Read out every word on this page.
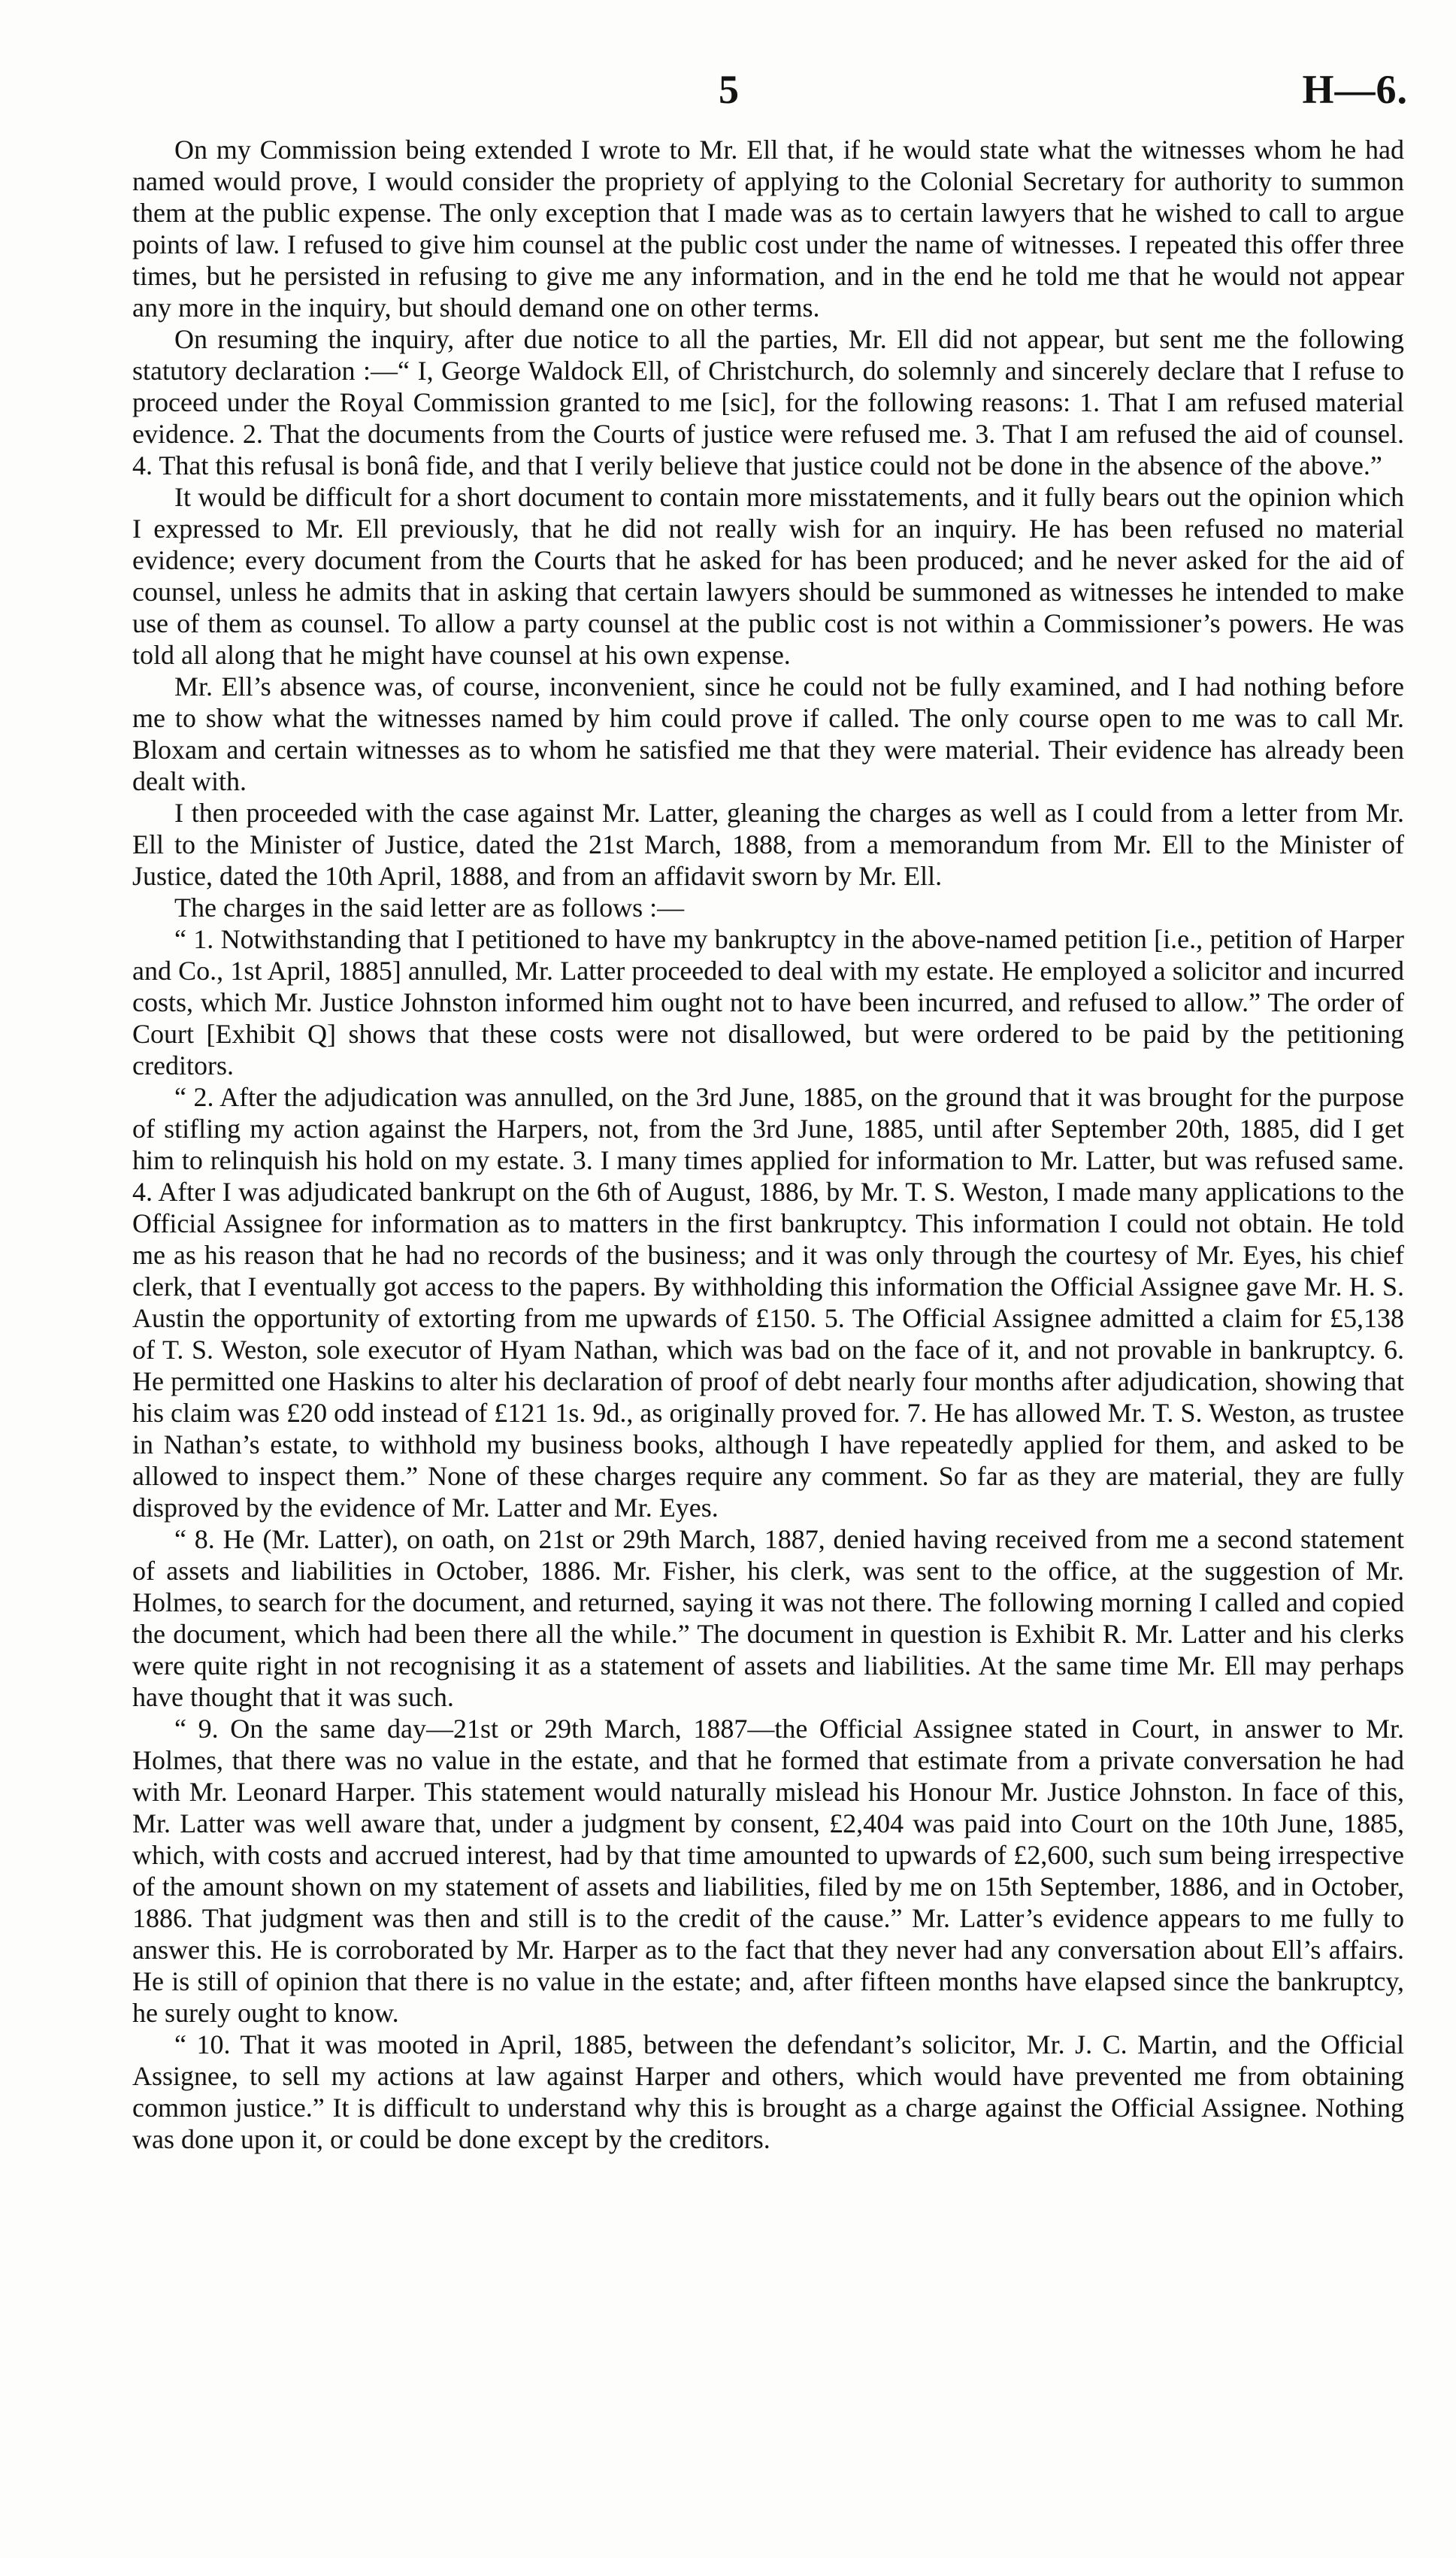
5	H—6.

On my Commission being extended I wrote to Mr. Ell that, if he would state what the witnesses whom he had named would prove, I would consider the propriety of applying to the Colonial Secretary for authority to summon them at the public expense. The only exception that I made was as to certain lawyers that he wished to call to argue points of law. I refused to give him counsel at the public cost under the name of witnesses. I repeated this offer three times, but he persisted in refusing to give me any information, and in the end he told me that he would not appear any more in the inquiry, but should demand one on other terms.

On resuming the inquiry, after due notice to all the parties, Mr. Ell did not appear, but sent me the following statutory declaration :—“ I, George Waldock Ell, of Christchurch, do solemnly and sincerely declare that I refuse to proceed under the Royal Commission granted to me [sic], for the following reasons: 1. That I am refused material evidence. 2. That the documents from the Courts of justice were refused me. 3. That I am refused the aid of counsel. 4. That this refusal is bonâ fide, and that I verily believe that justice could not be done in the absence of the above.”

It would be difficult for a short document to contain more misstatements, and it fully bears out the opinion which I expressed to Mr. Ell previously, that he did not really wish for an inquiry. He has been refused no material evidence; every document from the Courts that he asked for has been produced; and he never asked for the aid of counsel, unless he admits that in asking that certain lawyers should be summoned as witnesses he intended to make use of them as counsel. To allow a party counsel at the public cost is not within a Commissioner’s powers. He was told all along that he might have counsel at his own expense.

Mr. Ell’s absence was, of course, inconvenient, since he could not be fully examined, and I had nothing before me to show what the witnesses named by him could prove if called. The only course open to me was to call Mr. Bloxam and certain witnesses as to whom he satisfied me that they were material. Their evidence has already been dealt with.

I then proceeded with the case against Mr. Latter, gleaning the charges as well as I could from a letter from Mr. Ell to the Minister of Justice, dated the 21st March, 1888, from a memorandum from Mr. Ell to the Minister of Justice, dated the 10th April, 1888, and from an affidavit sworn by Mr. Ell.

The charges in the said letter are as follows :—

“ 1. Notwithstanding that I petitioned to have my bankruptcy in the above-named petition [i.e., petition of Harper and Co., 1st April, 1885] annulled, Mr. Latter proceeded to deal with my estate. He employed a solicitor and incurred costs, which Mr. Justice Johnston informed him ought not to have been incurred, and refused to allow.” The order of Court [Exhibit Q] shows that these costs were not disallowed, but were ordered to be paid by the petitioning creditors.

“ 2. After the adjudication was annulled, on the 3rd June, 1885, on the ground that it was brought for the purpose of stifling my action against the Harpers, not, from the 3rd June, 1885, until after September 20th, 1885, did I get him to relinquish his hold on my estate. 3. I many times applied for information to Mr. Latter, but was refused same. 4. After I was adjudicated bankrupt on the 6th of August, 1886, by Mr. T. S. Weston, I made many applications to the Official Assignee for information as to matters in the first bankruptcy. This information I could not obtain. He told me as his reason that he had no records of the business; and it was only through the courtesy of Mr. Eyes, his chief clerk, that I eventually got access to the papers. By withholding this information the Official Assignee gave Mr. H. S. Austin the opportunity of extorting from me upwards of £150. 5. The Official Assignee admitted a claim for £5,138 of T. S. Weston, sole executor of Hyam Nathan, which was bad on the face of it, and not provable in bankruptcy. 6. He permitted one Haskins to alter his declaration of proof of debt nearly four months after adjudication, showing that his claim was £20 odd instead of £121 1s. 9d., as originally proved for. 7. He has allowed Mr. T. S. Weston, as trustee in Nathan’s estate, to withhold my business books, although I have repeatedly applied for them, and asked to be allowed to inspect them.” None of these charges require any comment. So far as they are material, they are fully disproved by the evidence of Mr. Latter and Mr. Eyes.

“ 8. He (Mr. Latter), on oath, on 21st or 29th March, 1887, denied having received from me a second statement of assets and liabilities in October, 1886. Mr. Fisher, his clerk, was sent to the office, at the suggestion of Mr. Holmes, to search for the document, and returned, saying it was not there. The following morning I called and copied the document, which had been there all the while.” The document in question is Exhibit R. Mr. Latter and his clerks were quite right in not recognising it as a statement of assets and liabilities. At the same time Mr. Ell may perhaps have thought that it was such.

“ 9. On the same day—21st or 29th March, 1887—the Official Assignee stated in Court, in answer to Mr. Holmes, that there was no value in the estate, and that he formed that estimate from a private conversation he had with Mr. Leonard Harper. This statement would naturally mislead his Honour Mr. Justice Johnston. In face of this, Mr. Latter was well aware that, under a judgment by consent, £2,404 was paid into Court on the 10th June, 1885, which, with costs and accrued interest, had by that time amounted to upwards of £2,600, such sum being irrespective of the amount shown on my statement of assets and liabilities, filed by me on 15th September, 1886, and in October, 1886. That judgment was then and still is to the credit of the cause.” Mr. Latter’s evidence appears to me fully to answer this. He is corroborated by Mr. Harper as to the fact that they never had any conversation about Ell’s affairs. He is still of opinion that there is no value in the estate; and, after fifteen months have elapsed since the bankruptcy, he surely ought to know.

“ 10. That it was mooted in April, 1885, between the defendant’s solicitor, Mr. J. C. Martin, and the Official Assignee, to sell my actions at law against Harper and others, which would have prevented me from obtaining common justice.” It is difficult to understand why this is brought as a charge against the Official Assignee. Nothing was done upon it, or could be done except by the creditors.
